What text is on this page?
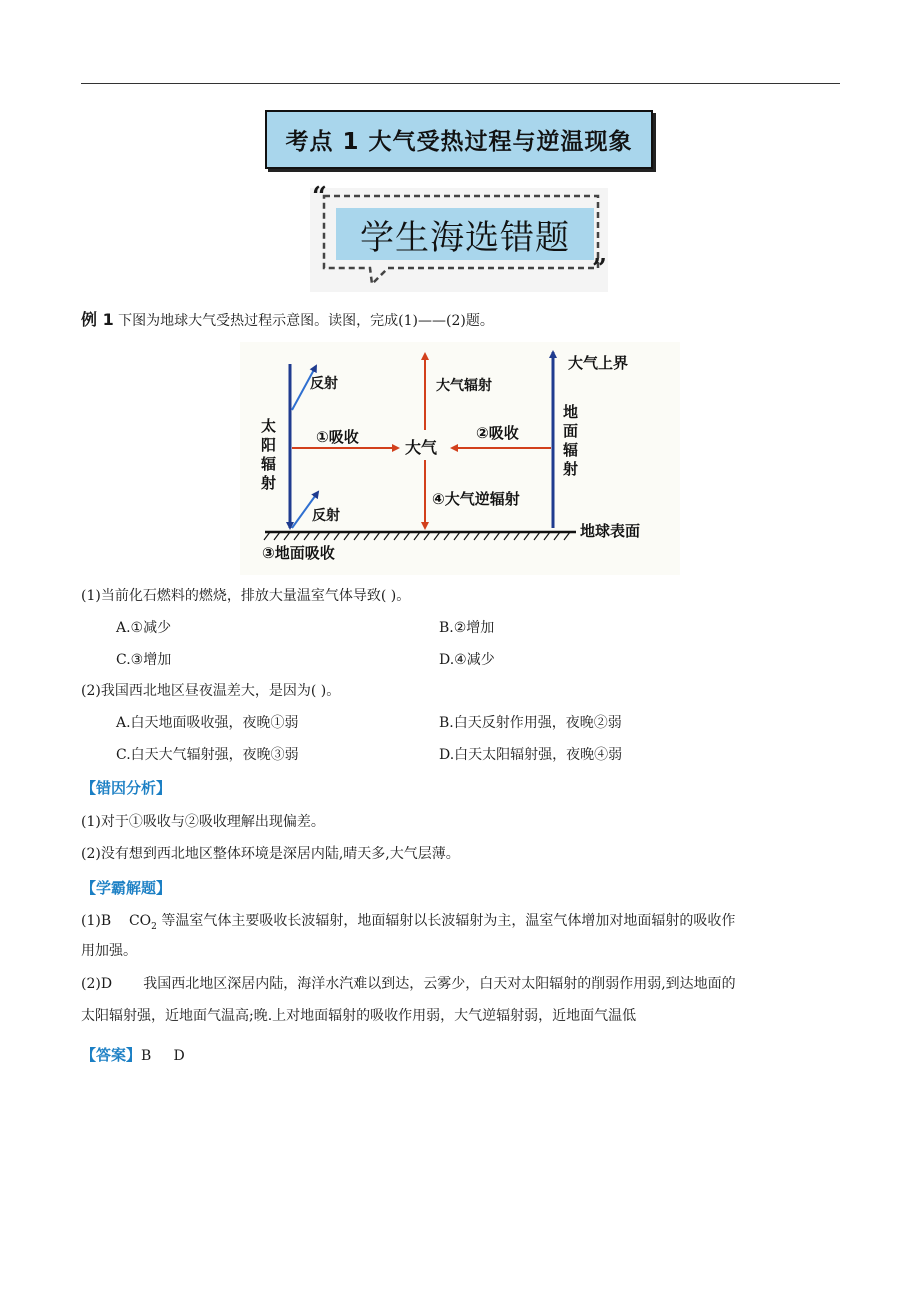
考点 1 大气受热过程与逆温现象
学生海选错题
“
”
例 1 下图为地球大气受热过程示意图。读图，完成(1)——(2)题。
大气上界
反射
反射
大气辐射
①吸收	②吸收
大气
④大气逆辐射
③地面吸收
地球表面
太阳辐射	地面辐射
(1)当前化石燃料的燃烧，排放大量温室气体导致( )。
A.①减少	B.②增加
C.③增加	D.④减少
(2)我国西北地区昼夜温差大，是因为( )。
A.白天地面吸收强，夜晚①弱	B.白天反射作用强，夜晚②弱
C.白天大气辐射强，夜晚③弱	D.白天太阳辐射强，夜晚④弱
【错因分析】
(1)对于①吸收与②吸收理解出现偏差。
(2)没有想到西北地区整体环境是深居内陆,晴天多,大气层薄。
【学霸解题】
(1)B $CO_2$ 等温室气体主要吸收长波辐射，地面辐射以长波辐射为主，温室气体增加对地面辐射的吸收作
用加强。
(2)D 我国西北地区深居内陆，海洋水汽难以到达，云雾少，白天对太阳辐射的削弱作用弱,到达地面的
太阳辐射强，近地面气温高;晚.上对地面辐射的吸收作用弱，大气逆辐射弱，近地面气温低
【答案】B     D
